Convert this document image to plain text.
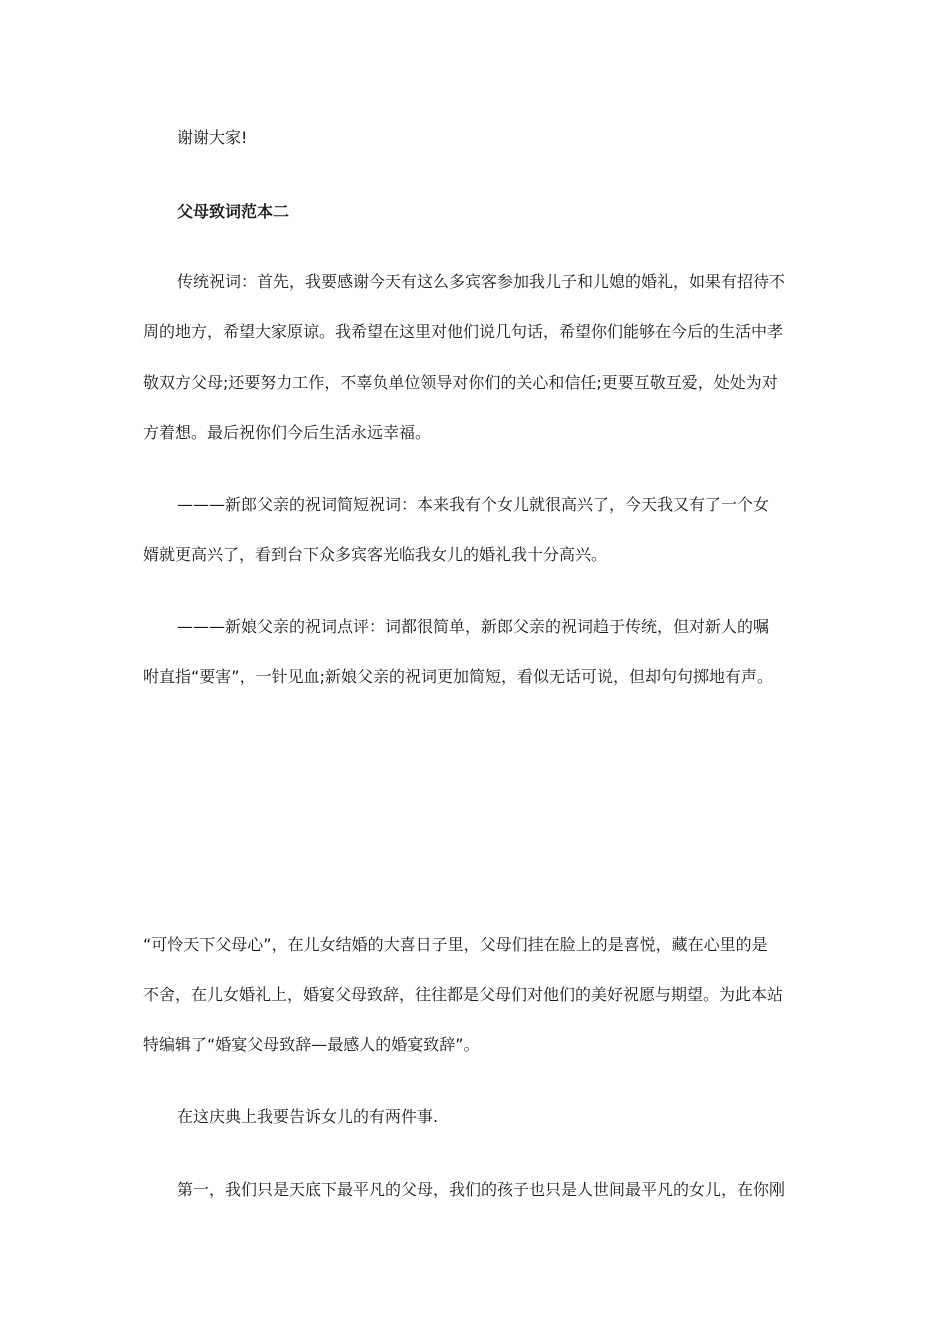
谢谢大家!
父母致词范本二
传统祝词：首先，我要感谢今天有这么多宾客参加我儿子和儿媳的婚礼，如果有招待不
周的地方，希望大家原谅。我希望在这里对他们说几句话，希望你们能够在今后的生活中孝
敬双方父母;还要努力工作，不辜负单位领导对你们的关心和信任;更要互敬互爱，处处为对
方着想。最后祝你们今后生活永远幸福。
———新郎父亲的祝词简短祝词：本来我有个女儿就很高兴了，今天我又有了一个女
婿就更高兴了，看到台下众多宾客光临我女儿的婚礼我十分高兴。
———新娘父亲的祝词点评：词都很简单，新郎父亲的祝词趋于传统，但对新人的嘱
咐直指“要害”，一针见血;新娘父亲的祝词更加简短，看似无话可说，但却句句掷地有声。
“可怜天下父母心”，在儿女结婚的大喜日子里，父母们挂在脸上的是喜悦，藏在心里的是
不舍，在儿女婚礼上，婚宴父母致辞，往往都是父母们对他们的美好祝愿与期望。为此本站
特编辑了“婚宴父母致辞—最感人的婚宴致辞”。
在这庆典上我要告诉女儿的有两件事.
第一，我们只是天底下最平凡的父母，我们的孩子也只是人世间最平凡的女儿，在你刚
